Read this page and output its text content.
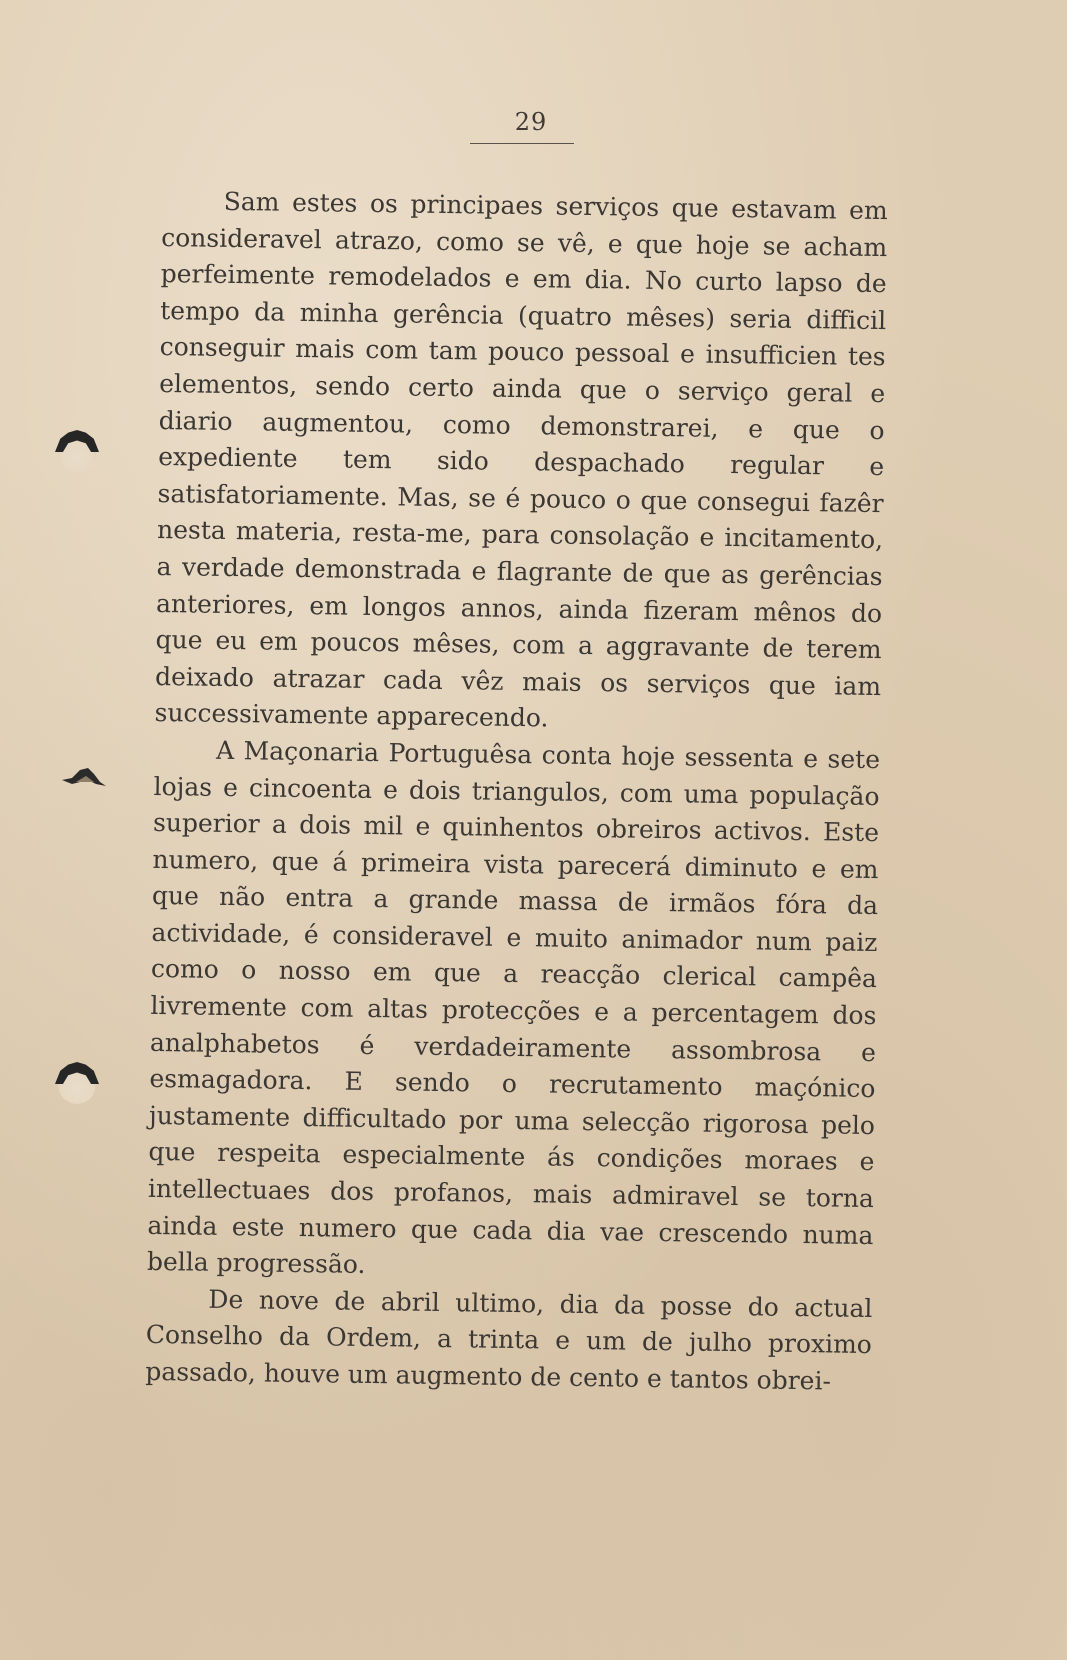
29

Sam estes os principaes serviços que estavam em consideravel atrazo, como se vê, e que hoje se acham perfeimente remodelados e em dia. No curto lapso de tempo da minha gerência (quatro mêses) seria difficil conseguir mais com tam pouco pessoal e insufficien tes elementos, sendo certo ainda que o serviço geral e diario augmentou, como demonstrarei, e que o expediente tem sido despachado regular e satisfatoriamente. Mas, se é pouco o que consegui fazêr nesta materia, resta-me, para consolação e incitamento, a verdade demonstrada e flagrante de que as gerências anteriores, em longos annos, ainda fizeram mênos do que eu em poucos mêses, com a aggravante de terem deixado atrazar cada vêz mais os serviços que iam successivamente apparecendo.

A Maçonaria Portuguêsa conta hoje sessenta e sete lojas e cincoenta e dois triangulos, com uma população superior a dois mil e quinhentos obreiros activos. Este numero, que á primeira vista parecerá diminuto e em que não entra a grande massa de irmãos fóra da actividade, é consideravel e muito animador num paiz como o nosso em que a reacção clerical campêa livremente com altas protecções e a percentagem dos analphabetos é verdadeiramente assombrosa e esmagadora. E sendo o recrutamento maçónico justamente difficultado por uma selecção rigorosa pelo que respeita especialmente ás condições moraes e intellectuaes dos profanos, mais admiravel se torna ainda este numero que cada dia vae crescendo numa bella progressão.

De nove de abril ultimo, dia da posse do actual Conselho da Ordem, a trinta e um de julho proximo passado, houve um augmento de cento e tantos obrei-
